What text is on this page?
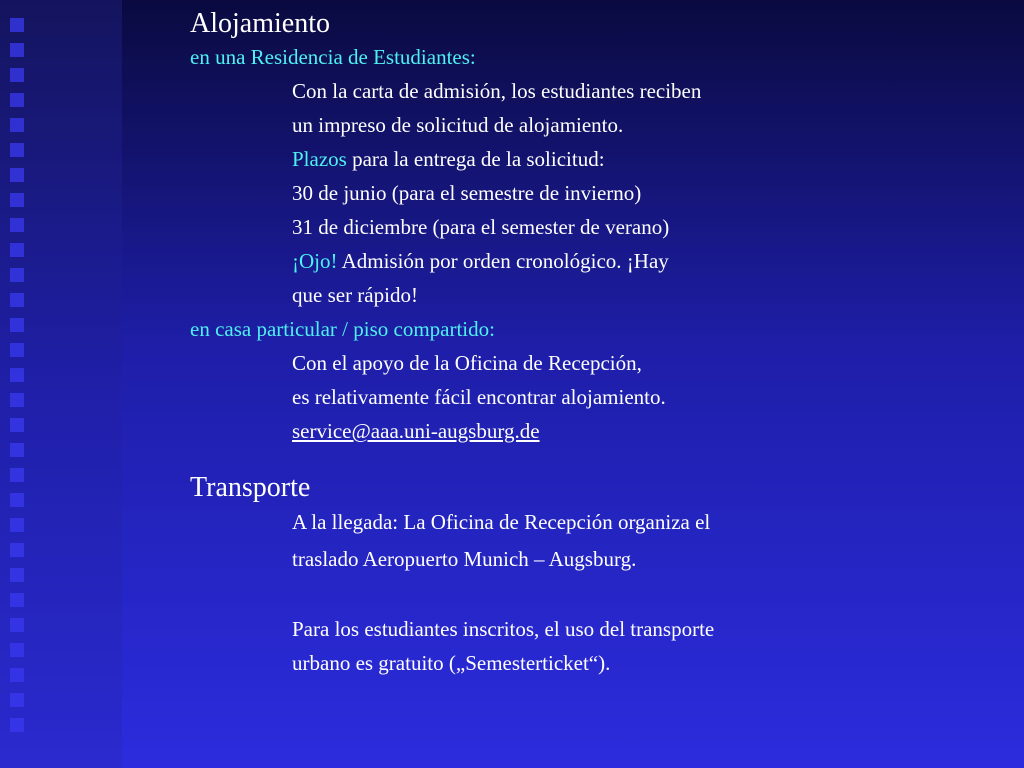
Alojamiento
en una Residencia de Estudiantes:
Con la carta de admisión, los estudiantes reciben
un impreso de solicitud de alojamiento.
Plazos para la entrega de la solicitud:
30 de junio (para el semestre de invierno)
31 de diciembre (para el semester de verano)
¡Ojo! Admisión por orden cronológico. ¡Hay
que ser rápido!
en casa particular / piso compartido:
Con el apoyo de la Oficina de Recepción,
es relativamente fácil encontrar alojamiento.
service@aaa.uni-augsburg.de
Transporte
A la llegada: La Oficina de Recepción organiza el
traslado Aeropuerto Munich – Augsburg.
Para los estudiantes inscritos, el uso del transporte
urbano es gratuito („Semesterticket“).
